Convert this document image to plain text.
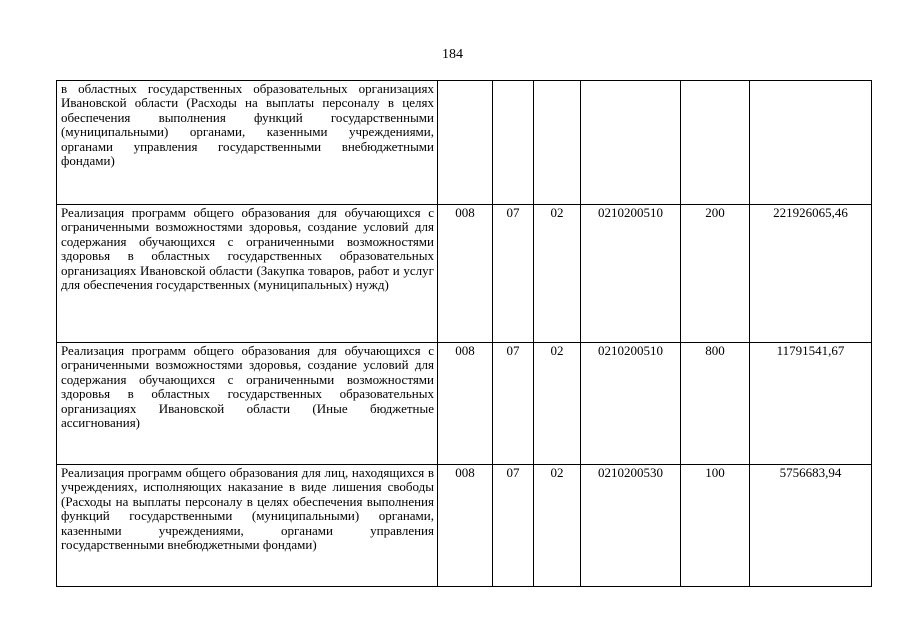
184
в областных государственных образовательных организациях Ивановской области (Расходы на выплаты персоналу в целях обеспечения выполнения функций государственными (муниципальными) органами, казенными учреждениями, органами управления государственными внебюджетными фондами)						
Реализация программ общего образования для обучающихся с ограниченными возможностями здоровья, создание условий для содержания обучающихся с ограниченными возможностями здоровья в областных государственных образовательных организациях Ивановской области (Закупка товаров, работ и услуг для обеспечения государственных (муниципальных) нужд)	008	07	02	0210200510	200	221926065,46
Реализация программ общего образования для обучающихся с ограниченными возможностями здоровья, создание условий для содержания обучающихся с ограниченными возможностями здоровья в областных государственных образовательных организациях Ивановской области (Иные бюджетные ассигнования)	008	07	02	0210200510	800	11791541,67
Реализация программ общего образования для лиц, находящихся в учреждениях, исполняющих наказание в виде лишения свободы (Расходы на выплаты персоналу в целях обеспечения выполнения функций государственными (муниципальными) органами, казенными учреждениями, органами управления государственными внебюджетными фондами)	008	07	02	0210200530	100	5756683,94
